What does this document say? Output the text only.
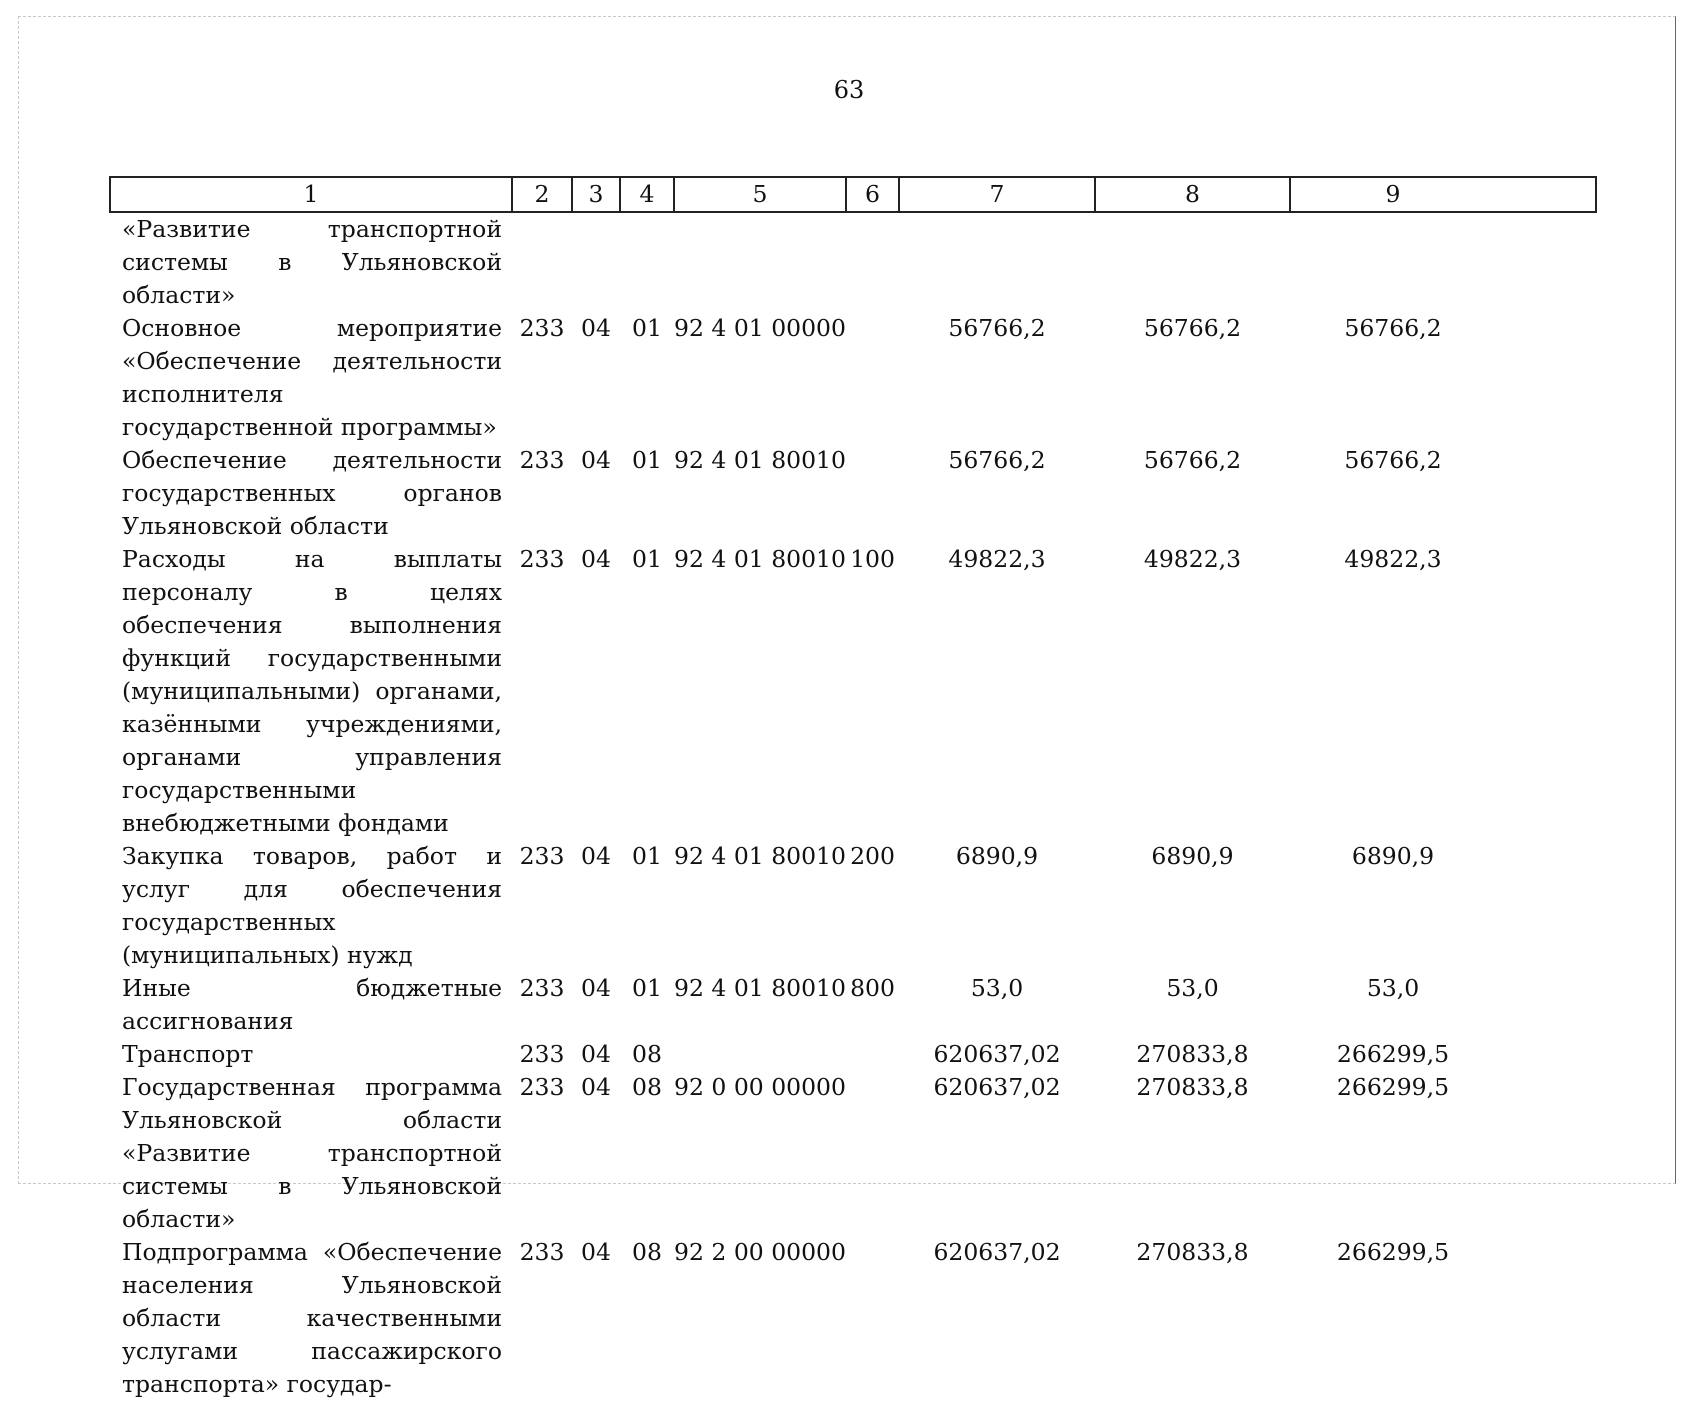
63
1	2	3	4	5	6	7	8	9
«Развитие транспортной системы в Ульяновской области»								
Основное мероприятие «Обеспечение деятельности исполнителя государственной программы»	233	04	01	92 4 01 00000		56766,2	56766,2	56766,2
Обеспечение деятельности государственных органов Ульяновской области	233	04	01	92 4 01 80010		56766,2	56766,2	56766,2
Расходы на выплаты персоналу в целях обеспечения выполнения функций государственными (муниципальными) органами, казёнными учреждениями, органами управления государственными внебюджетными фондами	233	04	01	92 4 01 80010	100	49822,3	49822,3	49822,3
Закупка товаров, работ и услуг для обеспечения государственных (муниципальных) нужд	233	04	01	92 4 01 80010	200	6890,9	6890,9	6890,9
Иные бюджетные ассигнования	233	04	01	92 4 01 80010	800	53,0	53,0	53,0
Транспорт	233	04	08			620637,02	270833,8	266299,5
Государственная программа Ульяновской области «Развитие транспортной системы в Ульяновской области»	233	04	08	92 0 00 00000		620637,02	270833,8	266299,5
Подпрограмма «Обеспечение населения Ульяновской области качественными услугами пассажирского транспорта» государ-	233	04	08	92 2 00 00000		620637,02	270833,8	266299,5
